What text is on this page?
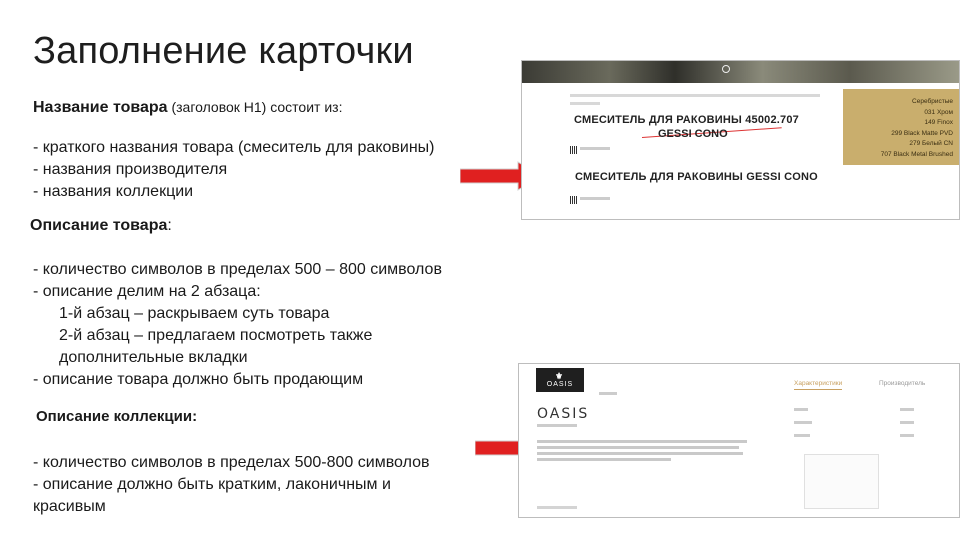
Заполнение карточки
Название товара (заголовок H1) состоит из:
- краткого названия товара (смеситель для раковины)
- названия производителя
- названия коллекции
Описание товара:
- количество символов в пределах 500 – 800 символов
- описание делим на 2 абзаца:
1-й абзац – раскрываем суть товара
2-й абзац – предлагаем посмотреть также
дополнительные вкладки
- описание товара должно быть продающим
Описание коллекции:
- количество символов в пределах 500-800 символов
- описание должно быть кратким, лаконичным и
красивым
СМЕСИТЕЛЬ ДЛЯ РАКОВИНЫ 45002.707
GESSI CONO
СМЕСИТЕЛЬ ДЛЯ РАКОВИНЫ GESSI CONO
Серебристые
031 Хром
149 Finox
299 Black Matte PVD
279 Белый CN
707 Black Metal Brushed
⚜
OASIS
OASIS
Характеристики	Производитель
